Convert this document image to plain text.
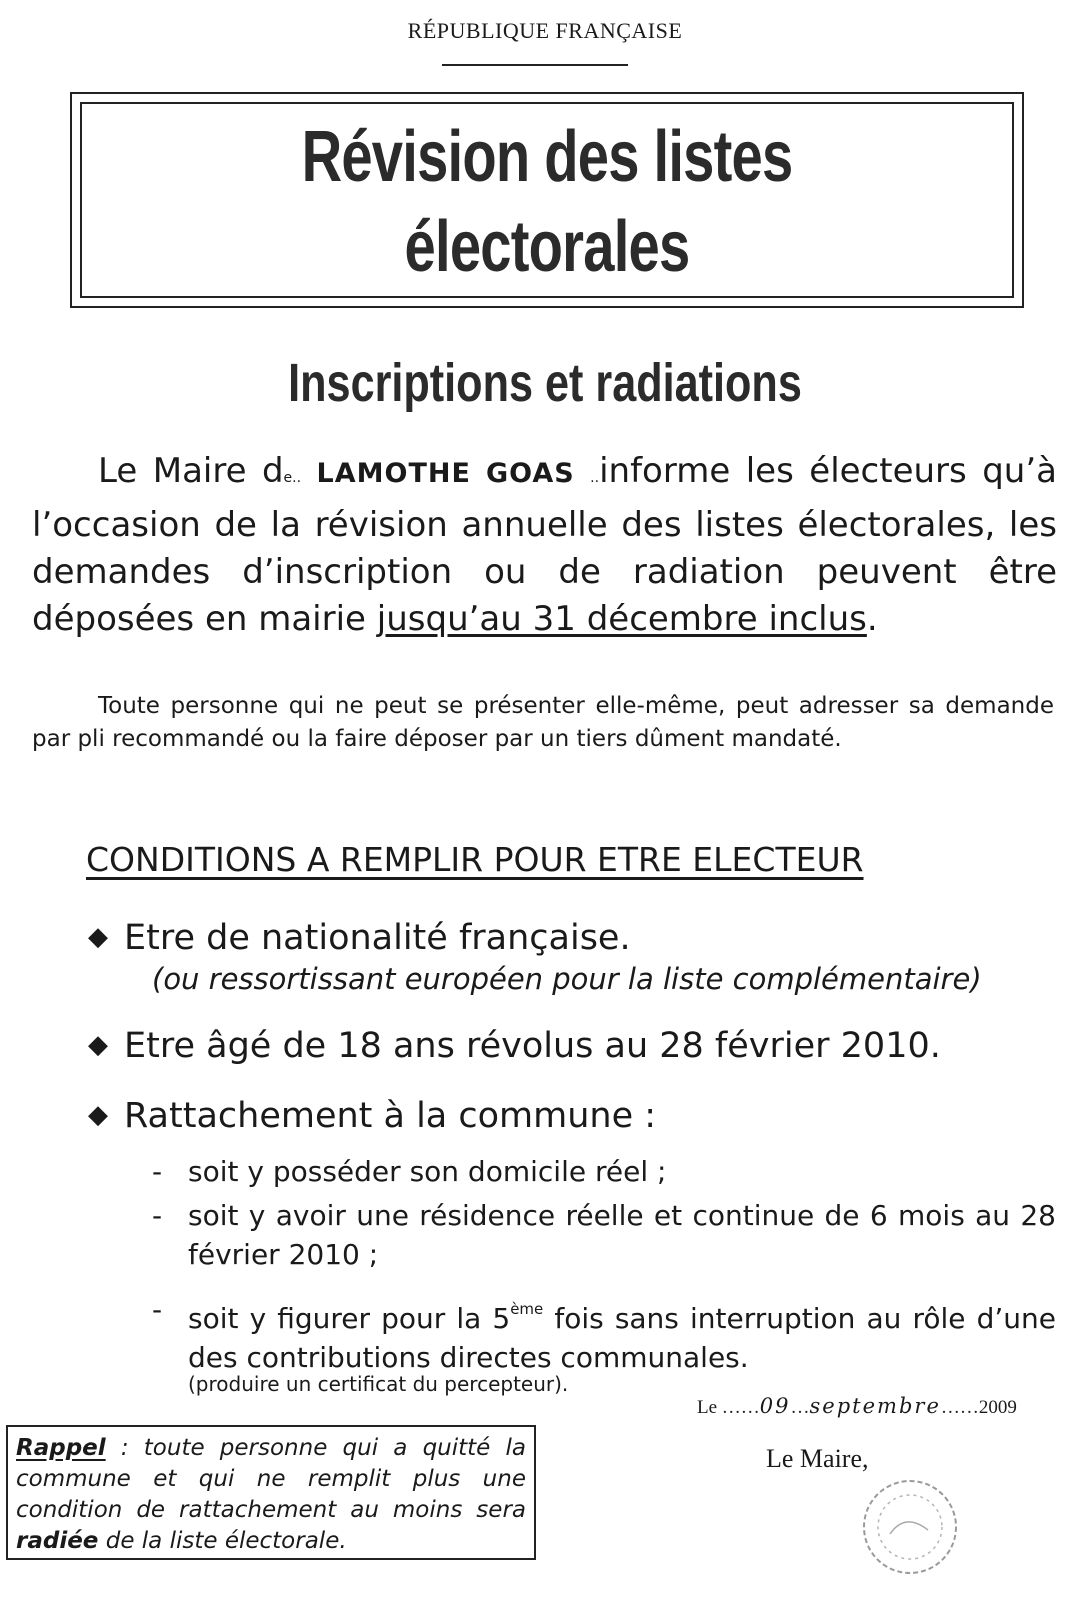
RÉPUBLIQUE FRANÇAISE
Révision des listes
électorales
Inscriptions et radiations
Le Maire de.. LAMOTHE GOAS ..informe les électeurs qu’à l’occasion de la révision annuelle des listes électorales, les demandes d’inscription ou de radiation peuvent être déposées en mairie jusqu’au 31 décembre inclus.
Toute personne qui ne peut se présenter elle-même, peut adresser sa demande par pli recommandé ou la faire déposer par un tiers dûment mandaté.
CONDITIONS A REMPLIR POUR ETRE ELECTEUR
◆ Etre de nationalité française.
(ou ressortissant européen pour la liste complémentaire)
◆ Etre âgé de 18 ans révolus au 28 février 2010.
◆ Rattachement à la commune :
- soit y posséder son domicile réel ;
- soit y avoir une résidence réelle et continue de 6 mois au 28 février 2010 ;
- soit y figurer pour la 5ème fois sans interruption au rôle d’une des contributions directes communales.
(produire un certificat du percepteur).
Le ……09…septembre……2009
Le Maire,
Rappel : toute personne qui a quitté la commune et qui ne remplit plus une condition de rattachement au moins sera radiée de la liste électorale.
